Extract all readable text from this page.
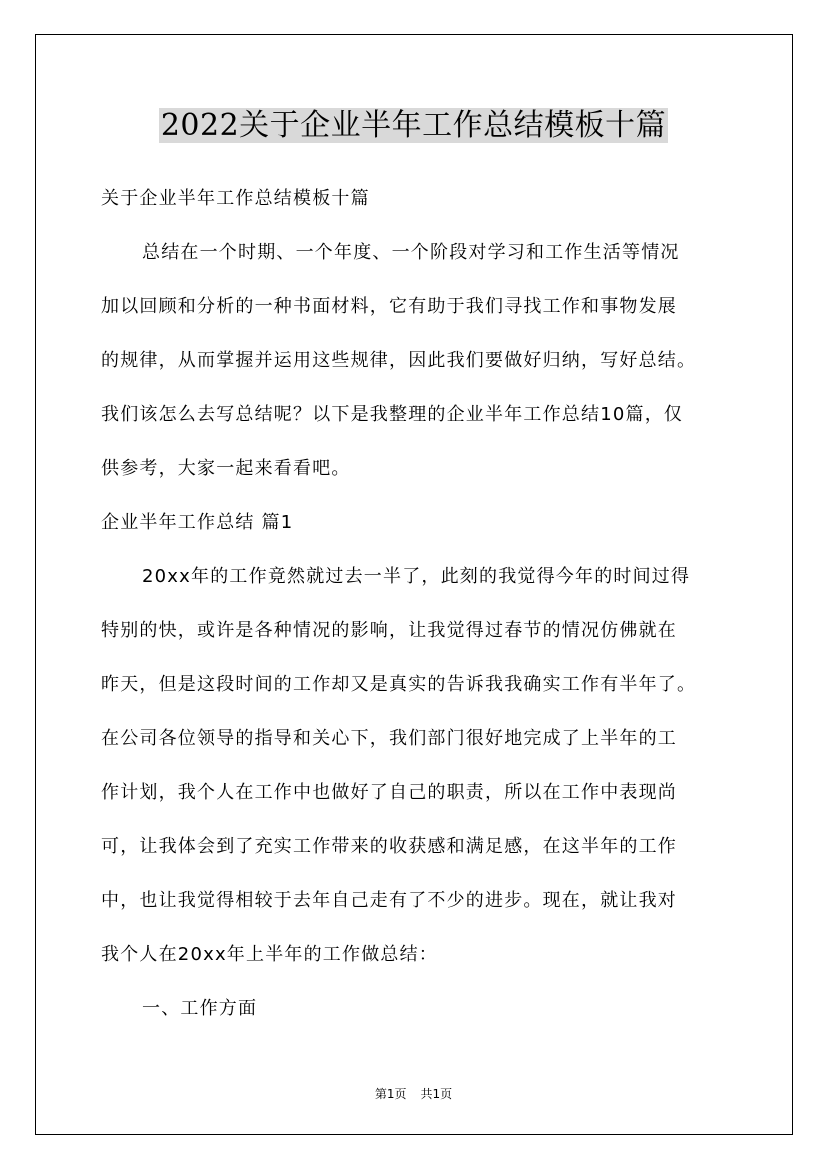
2022关于企业半年工作总结模板十篇
关于企业半年工作总结模板十篇
总结在一个时期、一个年度、一个阶段对学习和工作生活等情况
加以回顾和分析的一种书面材料，它有助于我们寻找工作和事物发展
的规律，从而掌握并运用这些规律，因此我们要做好归纳，写好总结。
我们该怎么去写总结呢？以下是我整理的企业半年工作总结10篇，仅
供参考，大家一起来看看吧。
企业半年工作总结 篇1
20xx年的工作竟然就过去一半了，此刻的我觉得今年的时间过得
特别的快，或许是各种情况的影响，让我觉得过春节的情况仿佛就在
昨天，但是这段时间的工作却又是真实的告诉我我确实工作有半年了。
在公司各位领导的指导和关心下，我们部门很好地完成了上半年的工
作计划，我个人在工作中也做好了自己的职责，所以在工作中表现尚
可，让我体会到了充实工作带来的收获感和满足感，在这半年的工作
中，也让我觉得相较于去年自己走有了不少的进步。现在，就让我对
我个人在20xx年上半年的工作做总结：
一、工作方面
第1页 共1页
